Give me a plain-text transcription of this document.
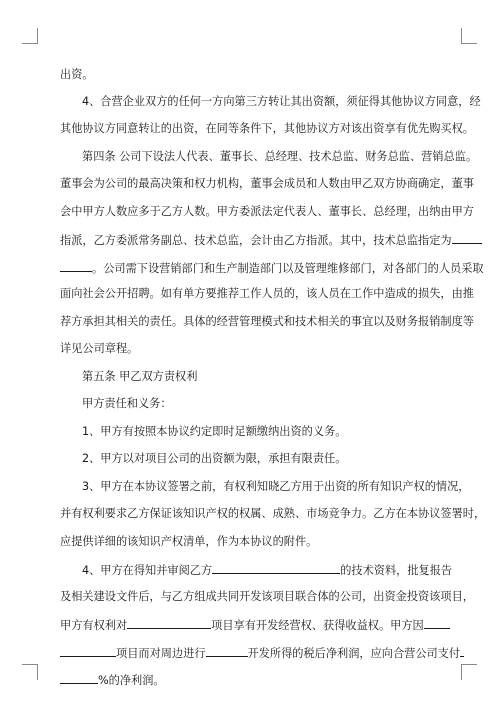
出资。
4、合营企业双方的任何一方向第三方转让其出资额，须征得其他协议方同意，经
其他协议方同意转让的出资，在同等条件下，其他协议方对该出资享有优先购买权。
第四条 公司下设法人代表、董事长、总经理、技术总监、财务总监、营销总监。
董事会为公司的最高决策和权力机构，董事会成员和人数由甲乙双方协商确定，董事
会中甲方人数应多于乙方人数。甲方委派法定代表人、董事长、总经理，出纳由甲方
指派，乙方委派常务副总、技术总监，会计由乙方指派。其中，技术总监指定为
。公司需下设营销部门和生产制造部门以及管理维修部门，对各部门的人员采取
面向社会公开招聘。如有单方要推荐工作人员的，该人员在工作中造成的损失，由推
荐方承担其相关的责任。具体的经营管理模式和技术相关的事宜以及财务报销制度等
详见公司章程。
第五条 甲乙双方责权利
甲方责任和义务：
1、甲方有按照本协议约定即时足额缴纳出资的义务。
2、甲方以对项目公司的出资额为限，承担有限责任。
3、甲方在本协议签署之前，有权利知晓乙方用于出资的所有知识产权的情况，
并有权利要求乙方保证该知识产权的权属、成熟、市场竞争力。乙方在本协议签署时，
应提供详细的该知识产权清单，作为本协议的附件。
4、甲方在得知并审阅乙方	的技术资料，批复报告
及相关建设文件后，与乙方组成共同开发该项目联合体的公司，出资金投资该项目，
甲方有权利对	项目享有开发经营权、获得收益权。甲方因
项目而对周边进行	开发所得的税后净利润，应向合营公司支付
%的净利润。
